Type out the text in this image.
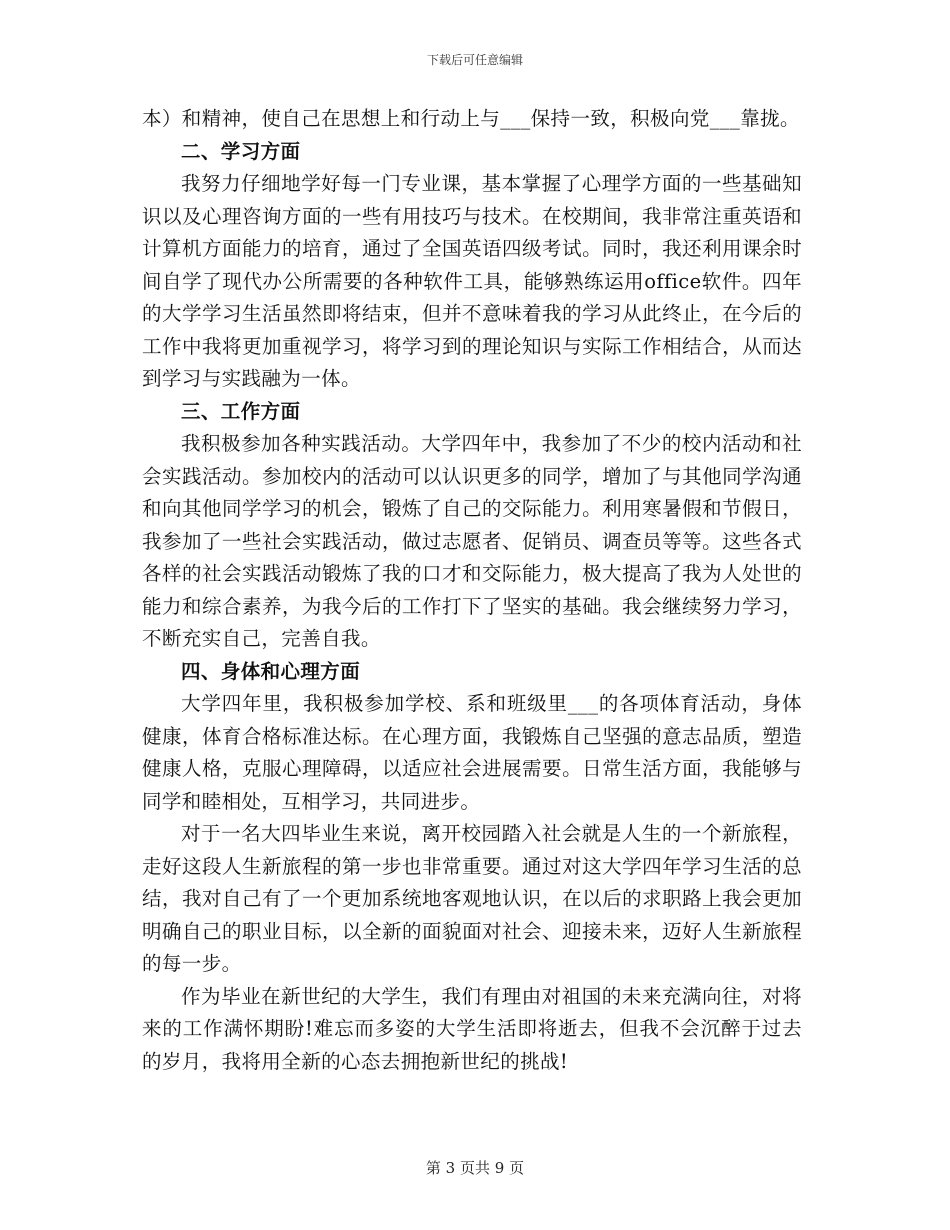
下载后可任意编辑

本）和精神，使自己在思想上和行动上与___保持一致，积极向党___靠拢。

二、学习方面

我努力仔细地学好每一门专业课，基本掌握了心理学方面的一些基础知识以及心理咨询方面的一些有用技巧与技术。在校期间，我非常注重英语和计算机方面能力的培育，通过了全国英语四级考试。同时，我还利用课余时间自学了现代办公所需要的各种软件工具，能够熟练运用office软件。四年的大学学习生活虽然即将结束，但并不意味着我的学习从此终止，在今后的工作中我将更加重视学习，将学习到的理论知识与实际工作相结合，从而达到学习与实践融为一体。

三、工作方面

我积极参加各种实践活动。大学四年中，我参加了不少的校内活动和社会实践活动。参加校内的活动可以认识更多的同学，增加了与其他同学沟通和向其他同学学习的机会，锻炼了自己的交际能力。利用寒暑假和节假日，我参加了一些社会实践活动，做过志愿者、促销员、调查员等等。这些各式各样的社会实践活动锻炼了我的口才和交际能力，极大提高了我为人处世的能力和综合素养，为我今后的工作打下了坚实的基础。我会继续努力学习，不断充实自己，完善自我。

四、身体和心理方面

大学四年里，我积极参加学校、系和班级里___的各项体育活动，身体健康，体育合格标准达标。在心理方面，我锻炼自己坚强的意志品质，塑造健康人格，克服心理障碍，以适应社会进展需要。日常生活方面，我能够与同学和睦相处，互相学习，共同进步。

对于一名大四毕业生来说，离开校园踏入社会就是人生的一个新旅程，走好这段人生新旅程的第一步也非常重要。通过对这大学四年学习生活的总结，我对自己有了一个更加系统地客观地认识，在以后的求职路上我会更加明确自己的职业目标，以全新的面貌面对社会、迎接未来，迈好人生新旅程的每一步。

作为毕业在新世纪的大学生，我们有理由对祖国的未来充满向往，对将来的工作满怀期盼!难忘而多姿的大学生活即将逝去，但我不会沉醉于过去的岁月，我将用全新的心态去拥抱新世纪的挑战!

第 3 页共 9 页
